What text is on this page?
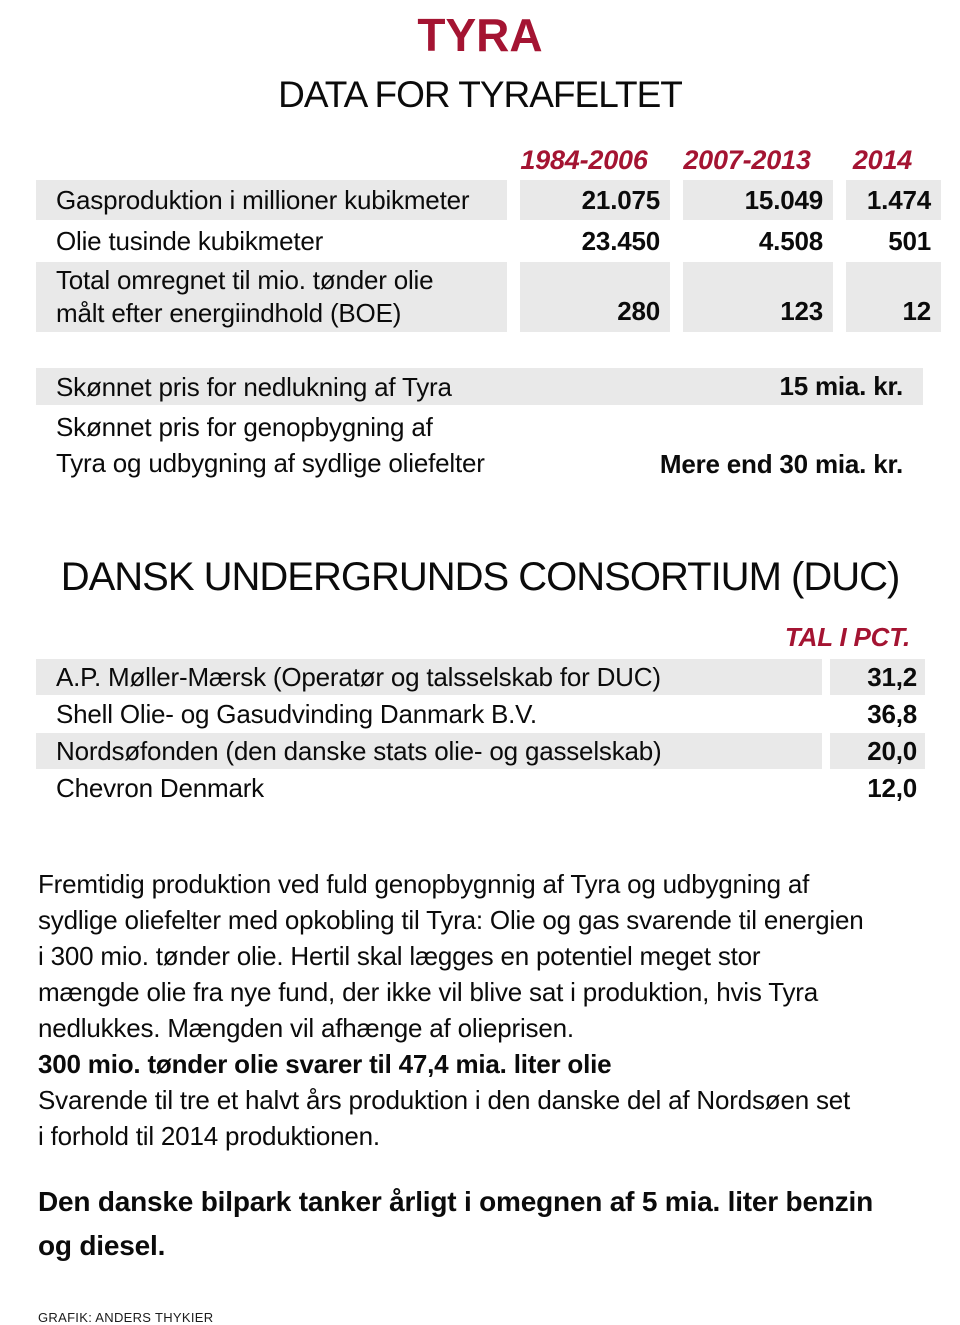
TYRA
DATA FOR TYRAFELTET
1984-2006	2007-2013	2014
Gasproduktion i millioner kubikmeter	21.075	15.049	1.474
Olie tusinde kubikmeter	23.450	4.508	501
Total omregnet til mio. tønder olie
målt efter energiindhold (BOE)	280	123	12
Skønnet pris for nedlukning af Tyra	15 mia. kr.
Skønnet pris for genopbygning af
Tyra og udbygning af sydlige oliefelter	Mere end 30 mia. kr.
DANSK UNDERGRUNDS CONSORTIUM (DUC)
TAL I PCT.
A.P. Møller-Mærsk (Operatør og talsselskab for DUC)	31,2
Shell Olie- og Gasudvinding Danmark B.V.	36,8
Nordsøfonden (den danske stats olie- og gasselskab)	20,0
Chevron Denmark	12,0
Fremtidig produktion ved fuld genopbygnnig af Tyra og udbygning af
sydlige oliefelter med opkobling til Tyra: Olie og gas svarende til energien
i 300 mio. tønder olie. Hertil skal lægges en potentiel meget stor
mængde olie fra nye fund, der ikke vil blive sat i produktion, hvis Tyra
nedlukkes. Mængden vil afhænge af olieprisen.
300 mio. tønder olie svarer til 47,4 mia. liter olie
Svarende til tre et halvt års produktion i den danske del af Nordsøen set
i forhold til 2014 produktionen.
Den danske bilpark tanker årligt i omegnen af 5 mia. liter benzin
og diesel.
GRAFIK: ANDERS THYKIER
